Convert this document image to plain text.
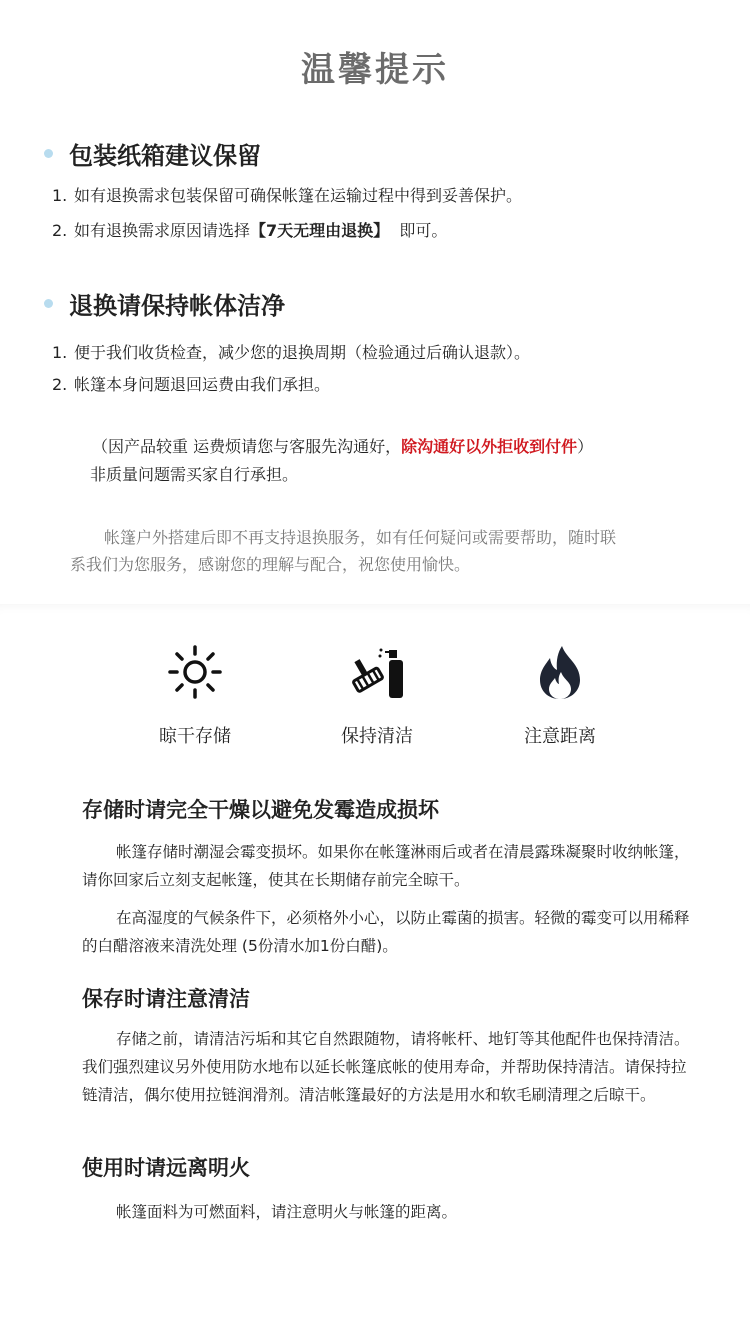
温馨提示
包装纸箱建议保留
1. 如有退换需求包装保留可确保帐篷在运输过程中得到妥善保护。
2. 如有退换需求原因请选择【7天无理由退换】  即可。
退换请保持帐体洁净
1. 便于我们收货检查，减少您的退换周期（检验通过后确认退款）。
2. 帐篷本身问题退回运费由我们承担。
（因产品较重 运费烦请您与客服先沟通好，除沟通好以外拒收到付件）
非质量问题需买家自行承担。
帐篷户外搭建后即不再支持退换服务，如有任何疑问或需要帮助，随时联
系我们为您服务，感谢您的理解与配合，祝您使用愉快。
晾干存储	保持清洁	注意距离
存储时请完全干燥以避免发霉造成损坏
帐篷存储时潮湿会霉变损坏。如果你在帐篷淋雨后或者在清晨露珠凝聚时收纳帐篷，请你回家后立刻支起帐篷，使其在长期储存前完全晾干。
在高湿度的气候条件下，必须格外小心，以防止霉菌的损害。轻微的霉变可以用稀释的白醋溶液来清洗处理 (5份清水加1份白醋)。
保存时请注意清洁
存储之前，请清洁污垢和其它自然跟随物，请将帐杆、地钉等其他配件也保持清洁。我们强烈建议另外使用防水地布以延长帐篷底帐的使用寿命，并帮助保持清洁。请保持拉链清洁，偶尔使用拉链润滑剂。清洁帐篷最好的方法是用水和软毛刷清理之后晾干。
使用时请远离明火
帐篷面料为可燃面料，请注意明火与帐篷的距离。
